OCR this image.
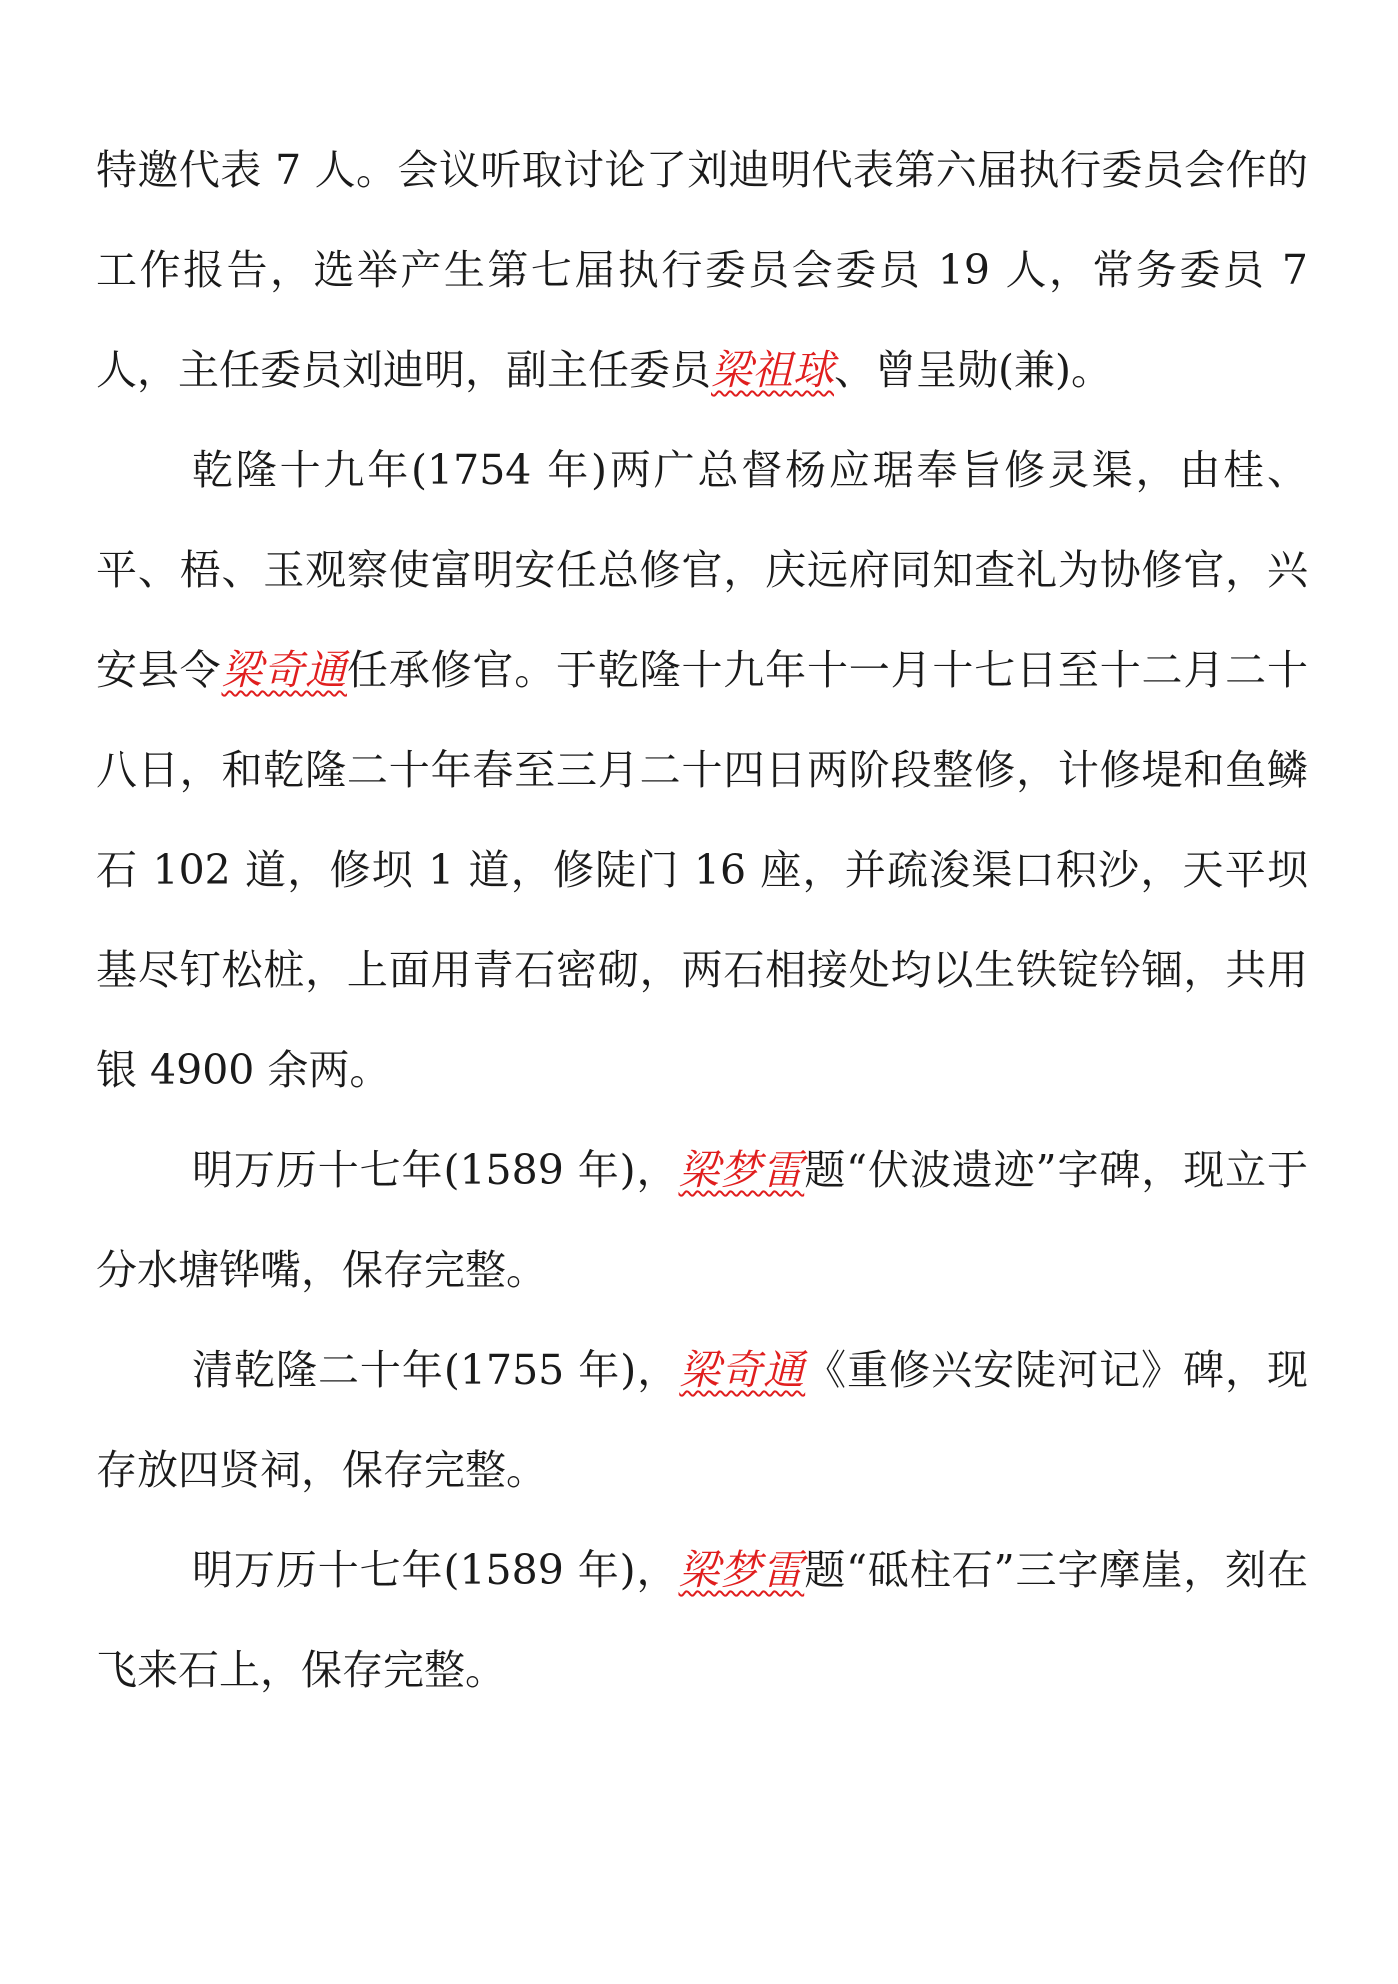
特邀代表 7 人。会议听取讨论了刘迪明代表第六届执行委员会作的工作报告，选举产生第七届执行委员会委员 19 人，常务委员 7 人，主任委员刘迪明，副主任委员梁祖球、曾呈勋(兼)。

乾隆十九年(1754 年)两广总督杨应琚奉旨修灵渠，由桂、平、梧、玉观察使富明安任总修官，庆远府同知查礼为协修官，兴安县令梁奇通任承修官。于乾隆十九年十一月十七日至十二月二十八日，和乾隆二十年春至三月二十四日两阶段整修，计修堤和鱼鳞石 102 道，修坝 1 道，修陡门 16 座，并疏浚渠口积沙，天平坝基尽钉松桩，上面用青石密砌，两石相接处均以生铁锭钤锢，共用银 4900 余两。

明万历十七年(1589 年)，梁梦雷题“伏波遗迹”字碑，现立于分水塘铧嘴，保存完整。

清乾隆二十年(1755 年)，梁奇通《重修兴安陡河记》碑，现存放四贤祠，保存完整。

明万历十七年(1589 年)，梁梦雷题“砥柱石”三字摩崖，刻在飞来石上，保存完整。
